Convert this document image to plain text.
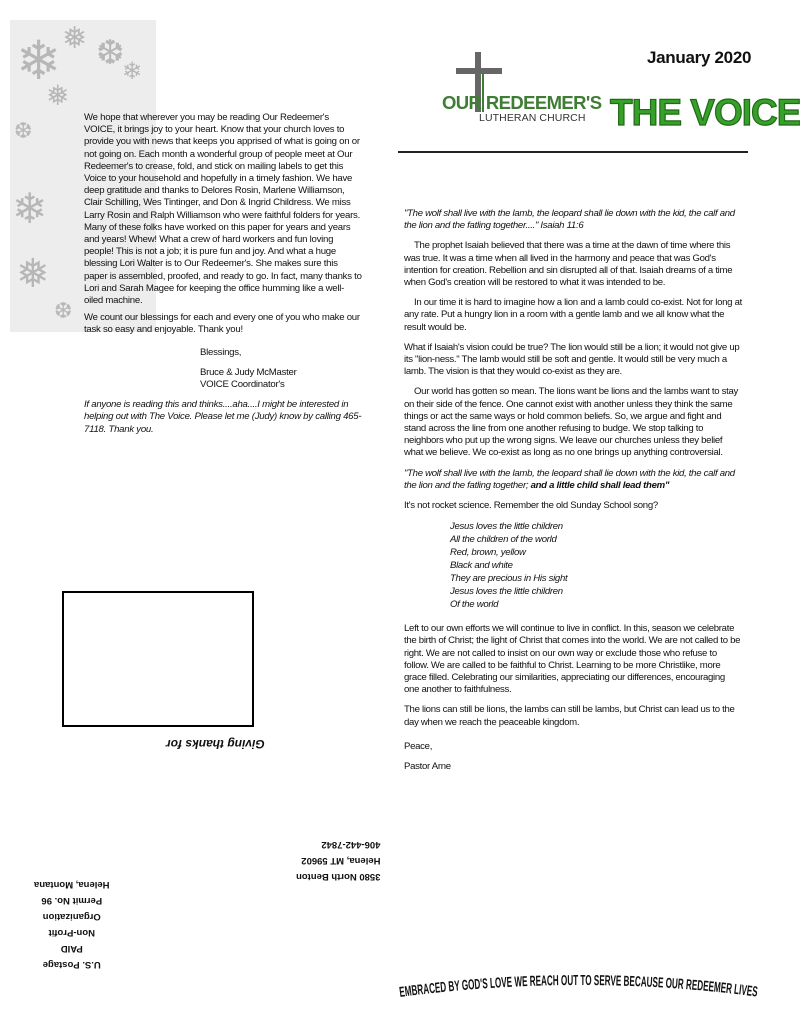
❄ ❅ ❆
❄
❅
❆
❄
❅
❆

We hope that wherever you may be reading Our Redeemer's VOICE, it brings joy to your heart. Know that your church loves to provide you with news that keeps you apprised of what is going on or not going on. Each month a wonderful group of people meet at Our Redeemer's to crease, fold, and stick on mailing labels to get this Voice to your household and hopefully in a timely fashion. We have deep gratitude and thanks to Delores Rosin, Marlene Williamson, Clair Schilling, Wes Tintinger, and Don & Ingrid Childress. We miss Larry Rosin and Ralph Williamson who were faithful folders for years. Many of these folks have worked on this paper for years and years and years! Whew! What a crew of hard workers and fun loving people! This is not a job; it is pure fun and joy. And what a huge blessing Lori Walter is to Our Redeemer's. She makes sure this paper is assembled, proofed, and ready to go. In fact, many thanks to Lori and Sarah Magee for keeping the office humming like a well-oiled machine.

We count our blessings for each and every one of you who make our task so easy and enjoyable. Thank you!

Blessings,

Bruce & Judy McMaster
VOICE Coordinator's

If anyone is reading this and thinks....aha....I might be interested in helping out with The Voice. Please let me (Judy) know by calling 465-7118. Thank you.

OUR REDEEMER'S
LUTHERAN CHURCH
January 2020
THE VOICE

"The wolf shall live with the lamb, the leopard shall lie down with the kid, the calf and the lion and the fatling together...." Isaiah 11:6

The prophet Isaiah believed that there was a time at the dawn of time where this was true. It was a time when all lived in the harmony and peace that was God's intention for creation. Rebellion and sin disrupted all of that. Isaiah dreams of a time when God's creation will be restored to what it was intended to be.

In our time it is hard to imagine how a lion and a lamb could co-exist. Not for long at any rate. Put a hungry lion in a room with a gentle lamb and we all know what the result would be.

What if Isaiah's vision could be true? The lion would still be a lion; it would not give up its "lion-ness." The lamb would still be soft and gentle. It would still be very much a lamb. The vision is that they would co-exist as they are.

Our world has gotten so mean. The lions want be lions and the lambs want to stay on their side of the fence. One cannot exist with another unless they think the same things or act the same ways or hold common beliefs. So, we argue and fight and stand across the line from one another refusing to budge. We stop talking to neighbors who put up the wrong signs. We leave our churches unless they belief what we believe. We co-exist as long as no one brings up anything controversial.

"The wolf shall live with the lamb, the leopard shall lie down with the kid, the calf and the lion and the fatling together; and a little child shall lead them"

It's not rocket science. Remember the old Sunday School song?

Jesus loves the little children
All the children of the world
Red, brown, yellow
Black and white
They are precious in His sight
Jesus loves the little children
Of the world

Left to our own efforts we will continue to live in conflict. In this, season we celebrate the birth of Christ; the light of Christ that comes into the world. We are not called to be right. We are not called to insist on our own way or exclude those who refuse to follow. We are called to be faithful to Christ. Learning to be more Christlike, more grace filled. Celebrating our similarities, appreciating our differences, encouraging one another to faithfulness.

The lions can still be lions, the lambs can still be lambs, but Christ can lead us to the day when we reach the peaceable kingdom.

Peace,

Pastor Arne

Giving thanks for
3580 North Benton
Helena, MT 59602
406-442-7842
U.S. Postage
PAID
Non-Profit
Organization
Permit No. 96
Helena, Montana
EMBRACED BY GOD'S LOVE WE REACH OUT TO SERVE BECAUSE OUR REDEEMER LIVES
